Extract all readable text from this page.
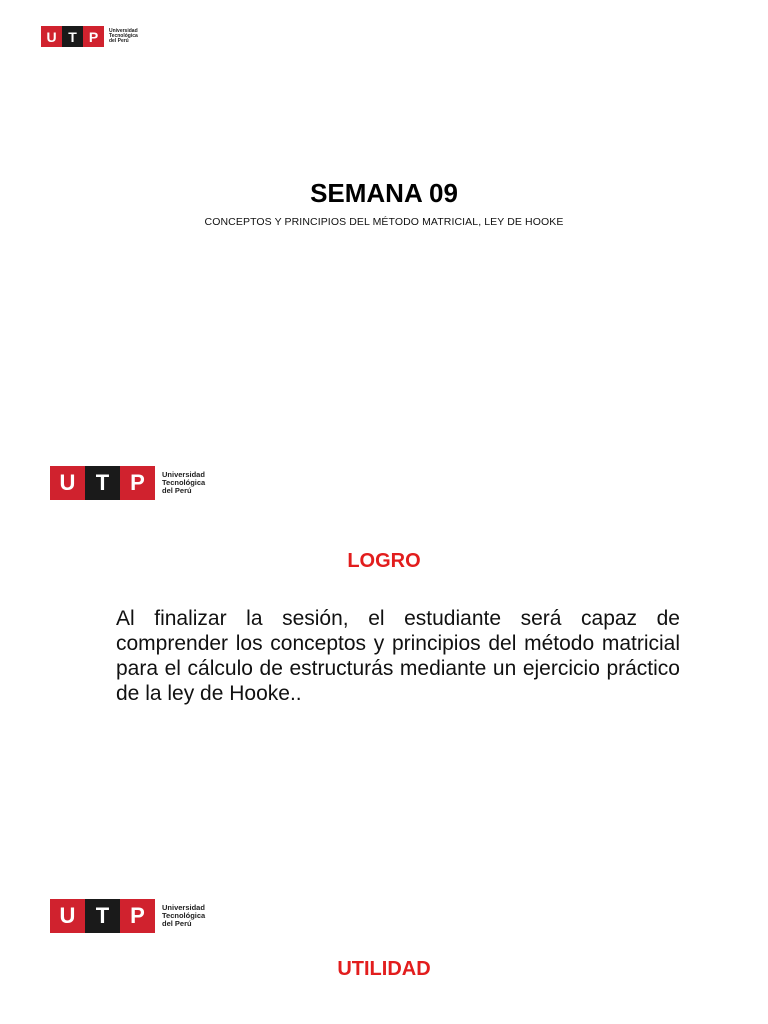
U T P	Universidad
Tecnológica
del Perú
SEMANA 09
CONCEPTOS Y PRINCIPIOS DEL MÉTODO MATRICIAL, LEY DE HOOKE
U T P	Universidad
Tecnológica
del Perú
LOGRO
Al finalizar la sesión, el estudiante será capaz de comprender los conceptos y principios del método matricial para el cálculo de estructurás mediante un ejercicio práctico de la ley de Hooke..
U T P	Universidad
Tecnológica
del Perú
UTILIDAD
